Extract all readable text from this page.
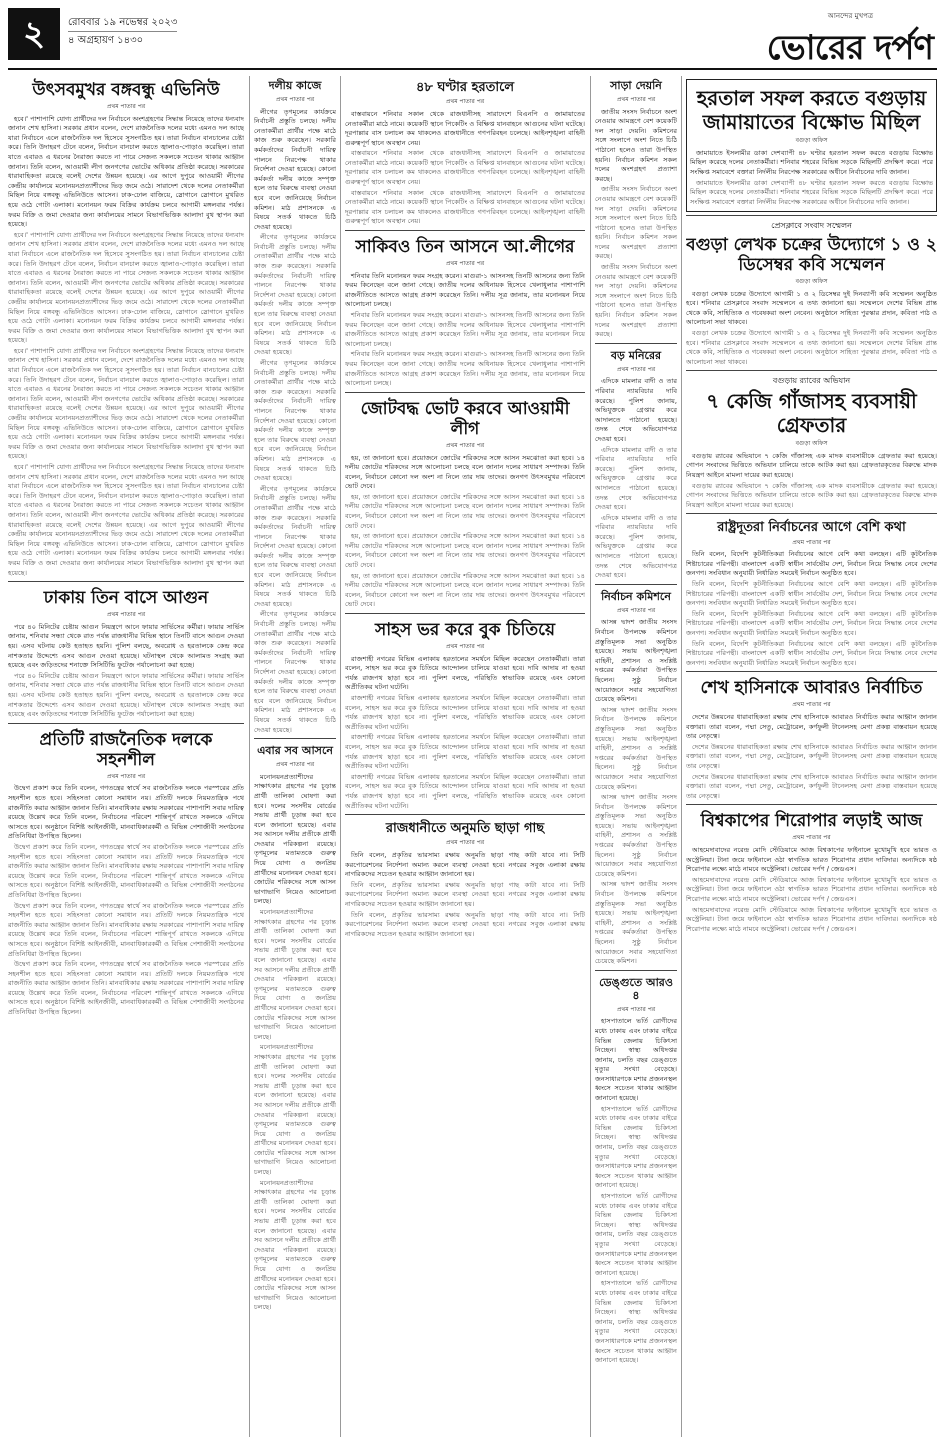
২	রোববার ১৯ নভেম্বর ২০২৩
৪ অগ্রহায়ণ ১৪৩০
আনন্দের মুখপত্র
ভোরের দর্পণ
উৎসবমুখর বঙ্গবন্ধু এভিনিউ
প্রথম পাতার পর

হবে।' পাশাপাশি যোগ্য প্রার্থীদের দল নির্বাচনে অংশগ্রহণের সিদ্ধান্ত নিয়েছে তাদের ধন্যবাদ জানান শেখ হাসিনা। সরকার প্রধান বলেন, দেশে রাজনৈতিক দলের মধ্যে এমনও দল আছে যারা নির্বাচনে এলে রাজনৈতিক দল হিসেবে সুসংগঠিত হয়। তারা নির্বাচন বানচালের চেষ্টা করে। তিনি উদাহরণ টেনে বলেন, নির্বাচন বানচাল করতে জ্বালাও-পোড়াও করেছিল। তারা যাতে এবারও এ ধরনের নৈরাজ্য করতে না পারে সেজন্য সকলকে সচেতন থাকার আহ্বান জানান। তিনি বলেন, আওয়ামী লীগ জনগণের ভোটের অধিকার প্রতিষ্ঠা করেছে। সরকারের ধারাবাহিকতা রয়েছে বলেই দেশের উন্নয়ন হয়েছে। এর আগে দুপুরে আওয়ামী লীগের কেন্দ্রীয় কার্যালয়ে মনোনয়নপ্রত্যাশীদের ভিড় জমে ওঠে। সারাদেশ থেকে দলের নেতাকর্মীরা মিছিল নিয়ে বঙ্গবন্ধু এভিনিউতে আসেন। ঢাক-ঢোল বাজিয়ে, স্লোগানে স্লোগানে মুখরিত হয়ে ওঠে গোটা এলাকা। মনোনয়ন ফরম বিক্রির কার্যক্রম চলবে আগামী মঙ্গলবার পর্যন্ত। ফরম বিক্রি ও জমা দেওয়ার জন্য কার্যালয়ের সামনে বিভাগভিত্তিক আলাদা বুথ স্থাপন করা হয়েছে।

হবে।' পাশাপাশি যোগ্য প্রার্থীদের দল নির্বাচনে অংশগ্রহণের সিদ্ধান্ত নিয়েছে তাদের ধন্যবাদ জানান শেখ হাসিনা। সরকার প্রধান বলেন, দেশে রাজনৈতিক দলের মধ্যে এমনও দল আছে যারা নির্বাচনে এলে রাজনৈতিক দল হিসেবে সুসংগঠিত হয়। তারা নির্বাচন বানচালের চেষ্টা করে। তিনি উদাহরণ টেনে বলেন, নির্বাচন বানচাল করতে জ্বালাও-পোড়াও করেছিল। তারা যাতে এবারও এ ধরনের নৈরাজ্য করতে না পারে সেজন্য সকলকে সচেতন থাকার আহ্বান জানান। তিনি বলেন, আওয়ামী লীগ জনগণের ভোটের অধিকার প্রতিষ্ঠা করেছে। সরকারের ধারাবাহিকতা রয়েছে বলেই দেশের উন্নয়ন হয়েছে। এর আগে দুপুরে আওয়ামী লীগের কেন্দ্রীয় কার্যালয়ে মনোনয়নপ্রত্যাশীদের ভিড় জমে ওঠে। সারাদেশ থেকে দলের নেতাকর্মীরা মিছিল নিয়ে বঙ্গবন্ধু এভিনিউতে আসেন। ঢাক-ঢোল বাজিয়ে, স্লোগানে স্লোগানে মুখরিত হয়ে ওঠে গোটা এলাকা। মনোনয়ন ফরম বিক্রির কার্যক্রম চলবে আগামী মঙ্গলবার পর্যন্ত। ফরম বিক্রি ও জমা দেওয়ার জন্য কার্যালয়ের সামনে বিভাগভিত্তিক আলাদা বুথ স্থাপন করা হয়েছে।

হবে।' পাশাপাশি যোগ্য প্রার্থীদের দল নির্বাচনে অংশগ্রহণের সিদ্ধান্ত নিয়েছে তাদের ধন্যবাদ জানান শেখ হাসিনা। সরকার প্রধান বলেন, দেশে রাজনৈতিক দলের মধ্যে এমনও দল আছে যারা নির্বাচনে এলে রাজনৈতিক দল হিসেবে সুসংগঠিত হয়। তারা নির্বাচন বানচালের চেষ্টা করে। তিনি উদাহরণ টেনে বলেন, নির্বাচন বানচাল করতে জ্বালাও-পোড়াও করেছিল। তারা যাতে এবারও এ ধরনের নৈরাজ্য করতে না পারে সেজন্য সকলকে সচেতন থাকার আহ্বান জানান। তিনি বলেন, আওয়ামী লীগ জনগণের ভোটের অধিকার প্রতিষ্ঠা করেছে। সরকারের ধারাবাহিকতা রয়েছে বলেই দেশের উন্নয়ন হয়েছে। এর আগে দুপুরে আওয়ামী লীগের কেন্দ্রীয় কার্যালয়ে মনোনয়নপ্রত্যাশীদের ভিড় জমে ওঠে। সারাদেশ থেকে দলের নেতাকর্মীরা মিছিল নিয়ে বঙ্গবন্ধু এভিনিউতে আসেন। ঢাক-ঢোল বাজিয়ে, স্লোগানে স্লোগানে মুখরিত হয়ে ওঠে গোটা এলাকা। মনোনয়ন ফরম বিক্রির কার্যক্রম চলবে আগামী মঙ্গলবার পর্যন্ত। ফরম বিক্রি ও জমা দেওয়ার জন্য কার্যালয়ের সামনে বিভাগভিত্তিক আলাদা বুথ স্থাপন করা হয়েছে।

হবে।' পাশাপাশি যোগ্য প্রার্থীদের দল নির্বাচনে অংশগ্রহণের সিদ্ধান্ত নিয়েছে তাদের ধন্যবাদ জানান শেখ হাসিনা। সরকার প্রধান বলেন, দেশে রাজনৈতিক দলের মধ্যে এমনও দল আছে যারা নির্বাচনে এলে রাজনৈতিক দল হিসেবে সুসংগঠিত হয়। তারা নির্বাচন বানচালের চেষ্টা করে। তিনি উদাহরণ টেনে বলেন, নির্বাচন বানচাল করতে জ্বালাও-পোড়াও করেছিল। তারা যাতে এবারও এ ধরনের নৈরাজ্য করতে না পারে সেজন্য সকলকে সচেতন থাকার আহ্বান জানান। তিনি বলেন, আওয়ামী লীগ জনগণের ভোটের অধিকার প্রতিষ্ঠা করেছে। সরকারের ধারাবাহিকতা রয়েছে বলেই দেশের উন্নয়ন হয়েছে। এর আগে দুপুরে আওয়ামী লীগের কেন্দ্রীয় কার্যালয়ে মনোনয়নপ্রত্যাশীদের ভিড় জমে ওঠে। সারাদেশ থেকে দলের নেতাকর্মীরা মিছিল নিয়ে বঙ্গবন্ধু এভিনিউতে আসেন। ঢাক-ঢোল বাজিয়ে, স্লোগানে স্লোগানে মুখরিত হয়ে ওঠে গোটা এলাকা। মনোনয়ন ফরম বিক্রির কার্যক্রম চলবে আগামী মঙ্গলবার পর্যন্ত। ফরম বিক্রি ও জমা দেওয়ার জন্য কার্যালয়ের সামনে বিভাগভিত্তিক আলাদা বুথ স্থাপন করা হয়েছে।

ঢাকায় তিন বাসে আগুন
প্রথম পাতার পর

পরে ৪০ মিনিটের চেষ্টায় আগুন নিয়ন্ত্রণে আনে ফায়ার সার্ভিসের কর্মীরা। ফায়ার সার্ভিস জানায়, শনিবার সন্ধ্যা থেকে রাত পর্যন্ত রাজধানীর বিভিন্ন স্থানে তিনটি বাসে আগুন দেওয়া হয়। এসব ঘটনায় কেউ হতাহত হয়নি। পুলিশ বলছে, অবরোধ ও হরতালকে কেন্দ্র করে নাশকতার উদ্দেশ্যে এসব আগুন দেওয়া হয়েছে। ঘটনাস্থল থেকে আলামত সংগ্রহ করা হয়েছে এবং জড়িতদের শনাক্তে সিসিটিভি ফুটেজ পর্যালোচনা করা হচ্ছে।

পরে ৪০ মিনিটের চেষ্টায় আগুন নিয়ন্ত্রণে আনে ফায়ার সার্ভিসের কর্মীরা। ফায়ার সার্ভিস জানায়, শনিবার সন্ধ্যা থেকে রাত পর্যন্ত রাজধানীর বিভিন্ন স্থানে তিনটি বাসে আগুন দেওয়া হয়। এসব ঘটনায় কেউ হতাহত হয়নি। পুলিশ বলছে, অবরোধ ও হরতালকে কেন্দ্র করে নাশকতার উদ্দেশ্যে এসব আগুন দেওয়া হয়েছে। ঘটনাস্থল থেকে আলামত সংগ্রহ করা হয়েছে এবং জড়িতদের শনাক্তে সিসিটিভি ফুটেজ পর্যালোচনা করা হচ্ছে।

প্রতিটি রাজনৈতিক দলকে সহনশীল
প্রথম পাতার পর

উদ্বেগ প্রকাশ করে তিনি বলেন, গণতন্ত্রের স্বার্থে সব রাজনৈতিক দলকে পরস্পরের প্রতি সহনশীল হতে হবে। সহিংসতা কোনো সমাধান নয়। প্রতিটি দলকে নিয়মতান্ত্রিক পথে রাজনীতি করার আহ্বান জানান তিনি। মানবাধিকার রক্ষায় সরকারের পাশাপাশি সবার দায়িত্ব রয়েছে উল্লেখ করে তিনি বলেন, নির্বাচনের পরিবেশ শান্তিপূর্ণ রাখতে সকলকে এগিয়ে আসতে হবে। অনুষ্ঠানে বিশিষ্ট আইনজীবী, মানবাধিকারকর্মী ও বিভিন্ন পেশাজীবী সংগঠনের প্রতিনিধিরা উপস্থিত ছিলেন।

উদ্বেগ প্রকাশ করে তিনি বলেন, গণতন্ত্রের স্বার্থে সব রাজনৈতিক দলকে পরস্পরের প্রতি সহনশীল হতে হবে। সহিংসতা কোনো সমাধান নয়। প্রতিটি দলকে নিয়মতান্ত্রিক পথে রাজনীতি করার আহ্বান জানান তিনি। মানবাধিকার রক্ষায় সরকারের পাশাপাশি সবার দায়িত্ব রয়েছে উল্লেখ করে তিনি বলেন, নির্বাচনের পরিবেশ শান্তিপূর্ণ রাখতে সকলকে এগিয়ে আসতে হবে। অনুষ্ঠানে বিশিষ্ট আইনজীবী, মানবাধিকারকর্মী ও বিভিন্ন পেশাজীবী সংগঠনের প্রতিনিধিরা উপস্থিত ছিলেন।

উদ্বেগ প্রকাশ করে তিনি বলেন, গণতন্ত্রের স্বার্থে সব রাজনৈতিক দলকে পরস্পরের প্রতি সহনশীল হতে হবে। সহিংসতা কোনো সমাধান নয়। প্রতিটি দলকে নিয়মতান্ত্রিক পথে রাজনীতি করার আহ্বান জানান তিনি। মানবাধিকার রক্ষায় সরকারের পাশাপাশি সবার দায়িত্ব রয়েছে উল্লেখ করে তিনি বলেন, নির্বাচনের পরিবেশ শান্তিপূর্ণ রাখতে সকলকে এগিয়ে আসতে হবে। অনুষ্ঠানে বিশিষ্ট আইনজীবী, মানবাধিকারকর্মী ও বিভিন্ন পেশাজীবী সংগঠনের প্রতিনিধিরা উপস্থিত ছিলেন।

উদ্বেগ প্রকাশ করে তিনি বলেন, গণতন্ত্রের স্বার্থে সব রাজনৈতিক দলকে পরস্পরের প্রতি সহনশীল হতে হবে। সহিংসতা কোনো সমাধান নয়। প্রতিটি দলকে নিয়মতান্ত্রিক পথে রাজনীতি করার আহ্বান জানান তিনি। মানবাধিকার রক্ষায় সরকারের পাশাপাশি সবার দায়িত্ব রয়েছে উল্লেখ করে তিনি বলেন, নির্বাচনের পরিবেশ শান্তিপূর্ণ রাখতে সকলকে এগিয়ে আসতে হবে। অনুষ্ঠানে বিশিষ্ট আইনজীবী, মানবাধিকারকর্মী ও বিভিন্ন পেশাজীবী সংগঠনের প্রতিনিধিরা উপস্থিত ছিলেন।

দলীয় কাজে
প্রথম পাতার পর

লীগের তৃণমূলের কার্যক্রমে নির্বাচনী প্রস্তুতি চলছে। দলীয় নেতাকর্মীরা প্রার্থীর পক্ষে মাঠে কাজ শুরু করেছেন। সরকারি কর্মকর্তাদের নির্বাচনী দায়িত্ব পালনে নিরপেক্ষ থাকার নির্দেশনা দেওয়া হয়েছে। কোনো কর্মকর্তা দলীয় কাজে সম্পৃক্ত হলে তার বিরুদ্ধে ব্যবস্থা নেওয়া হবে বলে জানিয়েছে নির্বাচন কমিশন। মাঠ প্রশাসনকে এ বিষয়ে সতর্ক থাকতে চিঠি দেওয়া হয়েছে।

লীগের তৃণমূলের কার্যক্রমে নির্বাচনী প্রস্তুতি চলছে। দলীয় নেতাকর্মীরা প্রার্থীর পক্ষে মাঠে কাজ শুরু করেছেন। সরকারি কর্মকর্তাদের নির্বাচনী দায়িত্ব পালনে নিরপেক্ষ থাকার নির্দেশনা দেওয়া হয়েছে। কোনো কর্মকর্তা দলীয় কাজে সম্পৃক্ত হলে তার বিরুদ্ধে ব্যবস্থা নেওয়া হবে বলে জানিয়েছে নির্বাচন কমিশন। মাঠ প্রশাসনকে এ বিষয়ে সতর্ক থাকতে চিঠি দেওয়া হয়েছে।

লীগের তৃণমূলের কার্যক্রমে নির্বাচনী প্রস্তুতি চলছে। দলীয় নেতাকর্মীরা প্রার্থীর পক্ষে মাঠে কাজ শুরু করেছেন। সরকারি কর্মকর্তাদের নির্বাচনী দায়িত্ব পালনে নিরপেক্ষ থাকার নির্দেশনা দেওয়া হয়েছে। কোনো কর্মকর্তা দলীয় কাজে সম্পৃক্ত হলে তার বিরুদ্ধে ব্যবস্থা নেওয়া হবে বলে জানিয়েছে নির্বাচন কমিশন। মাঠ প্রশাসনকে এ বিষয়ে সতর্ক থাকতে চিঠি দেওয়া হয়েছে।

লীগের তৃণমূলের কার্যক্রমে নির্বাচনী প্রস্তুতি চলছে। দলীয় নেতাকর্মীরা প্রার্থীর পক্ষে মাঠে কাজ শুরু করেছেন। সরকারি কর্মকর্তাদের নির্বাচনী দায়িত্ব পালনে নিরপেক্ষ থাকার নির্দেশনা দেওয়া হয়েছে। কোনো কর্মকর্তা দলীয় কাজে সম্পৃক্ত হলে তার বিরুদ্ধে ব্যবস্থা নেওয়া হবে বলে জানিয়েছে নির্বাচন কমিশন। মাঠ প্রশাসনকে এ বিষয়ে সতর্ক থাকতে চিঠি দেওয়া হয়েছে।

লীগের তৃণমূলের কার্যক্রমে নির্বাচনী প্রস্তুতি চলছে। দলীয় নেতাকর্মীরা প্রার্থীর পক্ষে মাঠে কাজ শুরু করেছেন। সরকারি কর্মকর্তাদের নির্বাচনী দায়িত্ব পালনে নিরপেক্ষ থাকার নির্দেশনা দেওয়া হয়েছে। কোনো কর্মকর্তা দলীয় কাজে সম্পৃক্ত হলে তার বিরুদ্ধে ব্যবস্থা নেওয়া হবে বলে জানিয়েছে নির্বাচন কমিশন। মাঠ প্রশাসনকে এ বিষয়ে সতর্ক থাকতে চিঠি দেওয়া হয়েছে।

এবার সব আসনে
প্রথম পাতার পর

মনোনয়নপ্রত্যাশীদের সাক্ষাৎকার গ্রহণের পর চূড়ান্ত প্রার্থী তালিকা ঘোষণা করা হবে। দলের সংসদীয় বোর্ডের সভায় প্রার্থী চূড়ান্ত করা হবে বলে জানানো হয়েছে। এবার সব আসনে দলীয় প্রতীকে প্রার্থী দেওয়ার পরিকল্পনা রয়েছে। তৃণমূলের মতামতকে গুরুত্ব দিয়ে যোগ্য ও জনপ্রিয় প্রার্থীদের মনোনয়ন দেওয়া হবে। জোটের শরিকদের সঙ্গে আসন ভাগাভাগি নিয়েও আলোচনা চলছে।

মনোনয়নপ্রত্যাশীদের সাক্ষাৎকার গ্রহণের পর চূড়ান্ত প্রার্থী তালিকা ঘোষণা করা হবে। দলের সংসদীয় বোর্ডের সভায় প্রার্থী চূড়ান্ত করা হবে বলে জানানো হয়েছে। এবার সব আসনে দলীয় প্রতীকে প্রার্থী দেওয়ার পরিকল্পনা রয়েছে। তৃণমূলের মতামতকে গুরুত্ব দিয়ে যোগ্য ও জনপ্রিয় প্রার্থীদের মনোনয়ন দেওয়া হবে। জোটের শরিকদের সঙ্গে আসন ভাগাভাগি নিয়েও আলোচনা চলছে।

মনোনয়নপ্রত্যাশীদের সাক্ষাৎকার গ্রহণের পর চূড়ান্ত প্রার্থী তালিকা ঘোষণা করা হবে। দলের সংসদীয় বোর্ডের সভায় প্রার্থী চূড়ান্ত করা হবে বলে জানানো হয়েছে। এবার সব আসনে দলীয় প্রতীকে প্রার্থী দেওয়ার পরিকল্পনা রয়েছে। তৃণমূলের মতামতকে গুরুত্ব দিয়ে যোগ্য ও জনপ্রিয় প্রার্থীদের মনোনয়ন দেওয়া হবে। জোটের শরিকদের সঙ্গে আসন ভাগাভাগি নিয়েও আলোচনা চলছে।

মনোনয়নপ্রত্যাশীদের সাক্ষাৎকার গ্রহণের পর চূড়ান্ত প্রার্থী তালিকা ঘোষণা করা হবে। দলের সংসদীয় বোর্ডের সভায় প্রার্থী চূড়ান্ত করা হবে বলে জানানো হয়েছে। এবার সব আসনে দলীয় প্রতীকে প্রার্থী দেওয়ার পরিকল্পনা রয়েছে। তৃণমূলের মতামতকে গুরুত্ব দিয়ে যোগ্য ও জনপ্রিয় প্রার্থীদের মনোনয়ন দেওয়া হবে। জোটের শরিকদের সঙ্গে আসন ভাগাভাগি নিয়েও আলোচনা চলছে।

৪৮ ঘণ্টার হরতালে
প্রথম পাতার পর

বাস্তবায়নে শনিবার সকাল থেকে রাজধানীসহ সারাদেশে বিএনপি ও জামায়াতের নেতাকর্মীরা মাঠে নামে। কয়েকটি স্থানে পিকেটিং ও বিক্ষিপ্ত যানবাহনে আগুনের ঘটনা ঘটেছে। দূরপাল্লার বাস চলাচল কম থাকলেও রাজধানীতে গণপরিবহন চলেছে। আইনশৃঙ্খলা বাহিনী গুরুত্বপূর্ণ স্থানে অবস্থান নেয়।

বাস্তবায়নে শনিবার সকাল থেকে রাজধানীসহ সারাদেশে বিএনপি ও জামায়াতের নেতাকর্মীরা মাঠে নামে। কয়েকটি স্থানে পিকেটিং ও বিক্ষিপ্ত যানবাহনে আগুনের ঘটনা ঘটেছে। দূরপাল্লার বাস চলাচল কম থাকলেও রাজধানীতে গণপরিবহন চলেছে। আইনশৃঙ্খলা বাহিনী গুরুত্বপূর্ণ স্থানে অবস্থান নেয়।

বাস্তবায়নে শনিবার সকাল থেকে রাজধানীসহ সারাদেশে বিএনপি ও জামায়াতের নেতাকর্মীরা মাঠে নামে। কয়েকটি স্থানে পিকেটিং ও বিক্ষিপ্ত যানবাহনে আগুনের ঘটনা ঘটেছে। দূরপাল্লার বাস চলাচল কম থাকলেও রাজধানীতে গণপরিবহন চলেছে। আইনশৃঙ্খলা বাহিনী গুরুত্বপূর্ণ স্থানে অবস্থান নেয়।

সাকিবও তিন আসনে আ.লীগের
প্রথম পাতার পর

শনিবার তিনি মনোনয়ন ফরম সংগ্রহ করেন। মাগুরা-১ আসনসহ তিনটি আসনের জন্য তিনি ফরম কিনেছেন বলে জানা গেছে। জাতীয় দলের অধিনায়ক হিসেবে খেলাধুলার পাশাপাশি রাজনীতিতে আসতে আগ্রহ প্রকাশ করেছেন তিনি। দলীয় সূত্র জানায়, তার মনোনয়ন নিয়ে আলোচনা চলছে।

শনিবার তিনি মনোনয়ন ফরম সংগ্রহ করেন। মাগুরা-১ আসনসহ তিনটি আসনের জন্য তিনি ফরম কিনেছেন বলে জানা গেছে। জাতীয় দলের অধিনায়ক হিসেবে খেলাধুলার পাশাপাশি রাজনীতিতে আসতে আগ্রহ প্রকাশ করেছেন তিনি। দলীয় সূত্র জানায়, তার মনোনয়ন নিয়ে আলোচনা চলছে।

শনিবার তিনি মনোনয়ন ফরম সংগ্রহ করেন। মাগুরা-১ আসনসহ তিনটি আসনের জন্য তিনি ফরম কিনেছেন বলে জানা গেছে। জাতীয় দলের অধিনায়ক হিসেবে খেলাধুলার পাশাপাশি রাজনীতিতে আসতে আগ্রহ প্রকাশ করেছেন তিনি। দলীয় সূত্র জানায়, তার মনোনয়ন নিয়ে আলোচনা চলছে।

জোটবদ্ধ ভোট করবে আওয়ামী লীগ
প্রথম পাতার পর

হয়, তা জানানো হবে। প্রয়োজনে জোটের শরিকদের সঙ্গে আসন সমঝোতা করা হবে। ১৪ দলীয় জোটের শরিকদের সঙ্গে আলোচনা চলছে বলে জানান দলের সাধারণ সম্পাদক। তিনি বলেন, নির্বাচনে কোনো দল অংশ না নিলে তার দায় তাদের। জনগণ উৎসবমুখর পরিবেশে ভোট দেবে।

হয়, তা জানানো হবে। প্রয়োজনে জোটের শরিকদের সঙ্গে আসন সমঝোতা করা হবে। ১৪ দলীয় জোটের শরিকদের সঙ্গে আলোচনা চলছে বলে জানান দলের সাধারণ সম্পাদক। তিনি বলেন, নির্বাচনে কোনো দল অংশ না নিলে তার দায় তাদের। জনগণ উৎসবমুখর পরিবেশে ভোট দেবে।

হয়, তা জানানো হবে। প্রয়োজনে জোটের শরিকদের সঙ্গে আসন সমঝোতা করা হবে। ১৪ দলীয় জোটের শরিকদের সঙ্গে আলোচনা চলছে বলে জানান দলের সাধারণ সম্পাদক। তিনি বলেন, নির্বাচনে কোনো দল অংশ না নিলে তার দায় তাদের। জনগণ উৎসবমুখর পরিবেশে ভোট দেবে।

হয়, তা জানানো হবে। প্রয়োজনে জোটের শরিকদের সঙ্গে আসন সমঝোতা করা হবে। ১৪ দলীয় জোটের শরিকদের সঙ্গে আলোচনা চলছে বলে জানান দলের সাধারণ সম্পাদক। তিনি বলেন, নির্বাচনে কোনো দল অংশ না নিলে তার দায় তাদের। জনগণ উৎসবমুখর পরিবেশে ভোট দেবে।

সাহস ভর করে বুক চিতিয়ে
প্রথম পাতার পর

রাজশাহী নগরের বিভিন্ন এলাকায় হরতালের সমর্থনে মিছিল করেছেন নেতাকর্মীরা। তারা বলেন, সাহস ভর করে বুক চিতিয়ে আন্দোলন চালিয়ে যাওয়া হবে। দাবি আদায় না হওয়া পর্যন্ত রাজপথ ছাড়া হবে না। পুলিশ বলছে, পরিস্থিতি স্বাভাবিক রয়েছে এবং কোনো অপ্রীতিকর ঘটনা ঘটেনি।

রাজশাহী নগরের বিভিন্ন এলাকায় হরতালের সমর্থনে মিছিল করেছেন নেতাকর্মীরা। তারা বলেন, সাহস ভর করে বুক চিতিয়ে আন্দোলন চালিয়ে যাওয়া হবে। দাবি আদায় না হওয়া পর্যন্ত রাজপথ ছাড়া হবে না। পুলিশ বলছে, পরিস্থিতি স্বাভাবিক রয়েছে এবং কোনো অপ্রীতিকর ঘটনা ঘটেনি।

রাজশাহী নগরের বিভিন্ন এলাকায় হরতালের সমর্থনে মিছিল করেছেন নেতাকর্মীরা। তারা বলেন, সাহস ভর করে বুক চিতিয়ে আন্দোলন চালিয়ে যাওয়া হবে। দাবি আদায় না হওয়া পর্যন্ত রাজপথ ছাড়া হবে না। পুলিশ বলছে, পরিস্থিতি স্বাভাবিক রয়েছে এবং কোনো অপ্রীতিকর ঘটনা ঘটেনি।

রাজশাহী নগরের বিভিন্ন এলাকায় হরতালের সমর্থনে মিছিল করেছেন নেতাকর্মীরা। তারা বলেন, সাহস ভর করে বুক চিতিয়ে আন্দোলন চালিয়ে যাওয়া হবে। দাবি আদায় না হওয়া পর্যন্ত রাজপথ ছাড়া হবে না। পুলিশ বলছে, পরিস্থিতি স্বাভাবিক রয়েছে এবং কোনো অপ্রীতিকর ঘটনা ঘটেনি।

রাজধানীতে অনুমতি ছাড়া গাছ
প্রথম পাতার পর

তিনি বলেন, প্রকৃতির ভারসাম্য রক্ষায় অনুমতি ছাড়া গাছ কাটা যাবে না। সিটি করপোরেশনের নির্দেশনা অমান্য করলে ব্যবস্থা নেওয়া হবে। নগরের সবুজ এলাকা রক্ষায় নাগরিকদের সচেতন হওয়ার আহ্বান জানানো হয়।

তিনি বলেন, প্রকৃতির ভারসাম্য রক্ষায় অনুমতি ছাড়া গাছ কাটা যাবে না। সিটি করপোরেশনের নির্দেশনা অমান্য করলে ব্যবস্থা নেওয়া হবে। নগরের সবুজ এলাকা রক্ষায় নাগরিকদের সচেতন হওয়ার আহ্বান জানানো হয়।

তিনি বলেন, প্রকৃতির ভারসাম্য রক্ষায় অনুমতি ছাড়া গাছ কাটা যাবে না। সিটি করপোরেশনের নির্দেশনা অমান্য করলে ব্যবস্থা নেওয়া হবে। নগরের সবুজ এলাকা রক্ষায় নাগরিকদের সচেতন হওয়ার আহ্বান জানানো হয়।

সাড়া দেয়নি
প্রথম পাতার পর

জাতীয় সংসদ নির্বাচনে অংশ নেওয়ার আমন্ত্রণে বেশ কয়েকটি দল সাড়া দেয়নি। কমিশনের সঙ্গে সংলাপে অংশ নিতে চিঠি পাঠানো হলেও তারা উপস্থিত হয়নি। নির্বাচন কমিশন সকল দলের অংশগ্রহণ প্রত্যাশা করছে।

জাতীয় সংসদ নির্বাচনে অংশ নেওয়ার আমন্ত্রণে বেশ কয়েকটি দল সাড়া দেয়নি। কমিশনের সঙ্গে সংলাপে অংশ নিতে চিঠি পাঠানো হলেও তারা উপস্থিত হয়নি। নির্বাচন কমিশন সকল দলের অংশগ্রহণ প্রত্যাশা করছে।

জাতীয় সংসদ নির্বাচনে অংশ নেওয়ার আমন্ত্রণে বেশ কয়েকটি দল সাড়া দেয়নি। কমিশনের সঙ্গে সংলাপে অংশ নিতে চিঠি পাঠানো হলেও তারা উপস্থিত হয়নি। নির্বাচন কমিশন সকল দলের অংশগ্রহণ প্রত্যাশা করছে।

বড় মনিরের
প্রথম পাতার পর

এদিকে মামলার বাদী ও তার পরিবার ন্যায়বিচার দাবি করেছে। পুলিশ জানায়, অভিযুক্তকে গ্রেপ্তার করে আদালতে পাঠানো হয়েছে। তদন্ত শেষে অভিযোগপত্র দেওয়া হবে।

এদিকে মামলার বাদী ও তার পরিবার ন্যায়বিচার দাবি করেছে। পুলিশ জানায়, অভিযুক্তকে গ্রেপ্তার করে আদালতে পাঠানো হয়েছে। তদন্ত শেষে অভিযোগপত্র দেওয়া হবে।

এদিকে মামলার বাদী ও তার পরিবার ন্যায়বিচার দাবি করেছে। পুলিশ জানায়, অভিযুক্তকে গ্রেপ্তার করে আদালতে পাঠানো হয়েছে। তদন্ত শেষে অভিযোগপত্র দেওয়া হবে।

নির্বাচন কমিশনে
প্রথম পাতার পর

আসন্ন দ্বাদশ জাতীয় সংসদ নির্বাচন উপলক্ষে কমিশনে প্রস্তুতিমূলক সভা অনুষ্ঠিত হয়েছে। সভায় আইনশৃঙ্খলা বাহিনী, প্রশাসন ও সংশ্লিষ্ট দপ্তরের কর্মকর্তারা উপস্থিত ছিলেন। সুষ্ঠু নির্বাচন আয়োজনে সবার সহযোগিতা চেয়েছে কমিশন।

আসন্ন দ্বাদশ জাতীয় সংসদ নির্বাচন উপলক্ষে কমিশনে প্রস্তুতিমূলক সভা অনুষ্ঠিত হয়েছে। সভায় আইনশৃঙ্খলা বাহিনী, প্রশাসন ও সংশ্লিষ্ট দপ্তরের কর্মকর্তারা উপস্থিত ছিলেন। সুষ্ঠু নির্বাচন আয়োজনে সবার সহযোগিতা চেয়েছে কমিশন।

আসন্ন দ্বাদশ জাতীয় সংসদ নির্বাচন উপলক্ষে কমিশনে প্রস্তুতিমূলক সভা অনুষ্ঠিত হয়েছে। সভায় আইনশৃঙ্খলা বাহিনী, প্রশাসন ও সংশ্লিষ্ট দপ্তরের কর্মকর্তারা উপস্থিত ছিলেন। সুষ্ঠু নির্বাচন আয়োজনে সবার সহযোগিতা চেয়েছে কমিশন।

আসন্ন দ্বাদশ জাতীয় সংসদ নির্বাচন উপলক্ষে কমিশনে প্রস্তুতিমূলক সভা অনুষ্ঠিত হয়েছে। সভায় আইনশৃঙ্খলা বাহিনী, প্রশাসন ও সংশ্লিষ্ট দপ্তরের কর্মকর্তারা উপস্থিত ছিলেন। সুষ্ঠু নির্বাচন আয়োজনে সবার সহযোগিতা চেয়েছে কমিশন।

ডেঙ্গুতে আরও ৪
প্রথম পাতার পর

হাসপাতালে ভর্তি রোগীদের মধ্যে ঢাকায় এবং ঢাকার বাইরে বিভিন্ন জেলায় চিকিৎসা নিচ্ছেন। স্বাস্থ্য অধিদপ্তর জানায়, চলতি বছর ডেঙ্গুতে মৃত্যুর সংখ্যা বেড়েছে। জনসাধারণকে মশার প্রজননস্থল ধ্বংসে সচেতন থাকার আহ্বান জানানো হয়েছে।

হাসপাতালে ভর্তি রোগীদের মধ্যে ঢাকায় এবং ঢাকার বাইরে বিভিন্ন জেলায় চিকিৎসা নিচ্ছেন। স্বাস্থ্য অধিদপ্তর জানায়, চলতি বছর ডেঙ্গুতে মৃত্যুর সংখ্যা বেড়েছে। জনসাধারণকে মশার প্রজননস্থল ধ্বংসে সচেতন থাকার আহ্বান জানানো হয়েছে।

হাসপাতালে ভর্তি রোগীদের মধ্যে ঢাকায় এবং ঢাকার বাইরে বিভিন্ন জেলায় চিকিৎসা নিচ্ছেন। স্বাস্থ্য অধিদপ্তর জানায়, চলতি বছর ডেঙ্গুতে মৃত্যুর সংখ্যা বেড়েছে। জনসাধারণকে মশার প্রজননস্থল ধ্বংসে সচেতন থাকার আহ্বান জানানো হয়েছে।

হাসপাতালে ভর্তি রোগীদের মধ্যে ঢাকায় এবং ঢাকার বাইরে বিভিন্ন জেলায় চিকিৎসা নিচ্ছেন। স্বাস্থ্য অধিদপ্তর জানায়, চলতি বছর ডেঙ্গুতে মৃত্যুর সংখ্যা বেড়েছে। জনসাধারণকে মশার প্রজননস্থল ধ্বংসে সচেতন থাকার আহ্বান জানানো হয়েছে।

হরতাল সফল করতে বগুড়ায় জামায়াতের বিক্ষোভ মিছিল
বগুড়া অফিস

জামায়াতে ইসলামীর ডাকা দেশব্যাপী ৪৮ ঘণ্টার হরতাল সফল করতে বগুড়ায় বিক্ষোভ মিছিল করেছে দলের নেতাকর্মীরা। শনিবার শহরের বিভিন্ন সড়কে মিছিলটি প্রদক্ষিণ করে। পরে সংক্ষিপ্ত সমাবেশে বক্তারা নির্দলীয় নিরপেক্ষ সরকারের অধীনে নির্বাচনের দাবি জানান।

জামায়াতে ইসলামীর ডাকা দেশব্যাপী ৪৮ ঘণ্টার হরতাল সফল করতে বগুড়ায় বিক্ষোভ মিছিল করেছে দলের নেতাকর্মীরা। শনিবার শহরের বিভিন্ন সড়কে মিছিলটি প্রদক্ষিণ করে। পরে সংক্ষিপ্ত সমাবেশে বক্তারা নির্দলীয় নিরপেক্ষ সরকারের অধীনে নির্বাচনের দাবি জানান।

প্রেসক্লাবে সংবাদ সম্মেলন
বগুড়া লেখক চক্রের উদ্যোগে ১ ও ২ ডিসেম্বর কবি সম্মেলন
বগুড়া অফিস

বগুড়া লেখক চক্রের উদ্যোগে আগামী ১ ও ২ ডিসেম্বর দুই দিনব্যাপী কবি সম্মেলন অনুষ্ঠিত হবে। শনিবার প্রেসক্লাবে সংবাদ সম্মেলনে এ তথ্য জানানো হয়। সম্মেলনে দেশের বিভিন্ন প্রান্ত থেকে কবি, সাহিত্যিক ও গবেষকরা অংশ নেবেন। অনুষ্ঠানে সাহিত্য পুরস্কার প্রদান, কবিতা পাঠ ও আলোচনা সভা থাকবে।

বগুড়া লেখক চক্রের উদ্যোগে আগামী ১ ও ২ ডিসেম্বর দুই দিনব্যাপী কবি সম্মেলন অনুষ্ঠিত হবে। শনিবার প্রেসক্লাবে সংবাদ সম্মেলনে এ তথ্য জানানো হয়। সম্মেলনে দেশের বিভিন্ন প্রান্ত থেকে কবি, সাহিত্যিক ও গবেষকরা অংশ নেবেন। অনুষ্ঠানে সাহিত্য পুরস্কার প্রদান, কবিতা পাঠ ও আলোচনা সভা থাকবে।

বগুড়ায় র‍্যাবের অভিযান
৭ কেজি গাঁজাসহ ব্যবসায়ী গ্রেফতার
বগুড়া অফিস

বগুড়ায় র‍্যাবের অভিযানে ৭ কেজি গাঁজাসহ এক মাদক ব্যবসায়ীকে গ্রেফতার করা হয়েছে। গোপন সংবাদের ভিত্তিতে অভিযান চালিয়ে তাকে আটক করা হয়। গ্রেফতারকৃতের বিরুদ্ধে মাদক নিয়ন্ত্রণ আইনে মামলা দায়ের করা হয়েছে।

বগুড়ায় র‍্যাবের অভিযানে ৭ কেজি গাঁজাসহ এক মাদক ব্যবসায়ীকে গ্রেফতার করা হয়েছে। গোপন সংবাদের ভিত্তিতে অভিযান চালিয়ে তাকে আটক করা হয়। গ্রেফতারকৃতের বিরুদ্ধে মাদক নিয়ন্ত্রণ আইনে মামলা দায়ের করা হয়েছে।

রাষ্ট্রদূতরা নির্বাচনের আগে বেশি কথা
প্রথম পাতার পর

তিনি বলেন, বিদেশি কূটনীতিকরা নির্বাচনের আগে বেশি কথা বলছেন। এটি কূটনৈতিক শিষ্টাচারের পরিপন্থী। বাংলাদেশ একটি স্বাধীন সার্বভৌম দেশ, নির্বাচন নিয়ে সিদ্ধান্ত নেবে দেশের জনগণ। সংবিধান অনুযায়ী নির্ধারিত সময়েই নির্বাচন অনুষ্ঠিত হবে।

তিনি বলেন, বিদেশি কূটনীতিকরা নির্বাচনের আগে বেশি কথা বলছেন। এটি কূটনৈতিক শিষ্টাচারের পরিপন্থী। বাংলাদেশ একটি স্বাধীন সার্বভৌম দেশ, নির্বাচন নিয়ে সিদ্ধান্ত নেবে দেশের জনগণ। সংবিধান অনুযায়ী নির্ধারিত সময়েই নির্বাচন অনুষ্ঠিত হবে।

তিনি বলেন, বিদেশি কূটনীতিকরা নির্বাচনের আগে বেশি কথা বলছেন। এটি কূটনৈতিক শিষ্টাচারের পরিপন্থী। বাংলাদেশ একটি স্বাধীন সার্বভৌম দেশ, নির্বাচন নিয়ে সিদ্ধান্ত নেবে দেশের জনগণ। সংবিধান অনুযায়ী নির্ধারিত সময়েই নির্বাচন অনুষ্ঠিত হবে।

তিনি বলেন, বিদেশি কূটনীতিকরা নির্বাচনের আগে বেশি কথা বলছেন। এটি কূটনৈতিক শিষ্টাচারের পরিপন্থী। বাংলাদেশ একটি স্বাধীন সার্বভৌম দেশ, নির্বাচন নিয়ে সিদ্ধান্ত নেবে দেশের জনগণ। সংবিধান অনুযায়ী নির্ধারিত সময়েই নির্বাচন অনুষ্ঠিত হবে।

শেখ হাসিনাকে আবারও নির্বাচিত
প্রথম পাতার পর

দেশের উন্নয়নের ধারাবাহিকতা রক্ষায় শেখ হাসিনাকে আবারও নির্বাচিত করার আহ্বান জানান বক্তারা। তারা বলেন, পদ্মা সেতু, মেট্রোরেল, কর্ণফুলী টানেলসহ মেগা প্রকল্প বাস্তবায়ন হয়েছে তার নেতৃত্বে।

দেশের উন্নয়নের ধারাবাহিকতা রক্ষায় শেখ হাসিনাকে আবারও নির্বাচিত করার আহ্বান জানান বক্তারা। তারা বলেন, পদ্মা সেতু, মেট্রোরেল, কর্ণফুলী টানেলসহ মেগা প্রকল্প বাস্তবায়ন হয়েছে তার নেতৃত্বে।

দেশের উন্নয়নের ধারাবাহিকতা রক্ষায় শেখ হাসিনাকে আবারও নির্বাচিত করার আহ্বান জানান বক্তারা। তারা বলেন, পদ্মা সেতু, মেট্রোরেল, কর্ণফুলী টানেলসহ মেগা প্রকল্প বাস্তবায়ন হয়েছে তার নেতৃত্বে।

বিশ্বকাপের শিরোপার লড়াই আজ
প্রথম পাতার পর

আহমেদাবাদের নরেন্দ্র মোদি স্টেডিয়ামে আজ বিশ্বকাপের ফাইনালে মুখোমুখি হবে ভারত ও অস্ট্রেলিয়া। টানা জয়ে ফাইনালে ওঠা স্বাগতিক ভারত শিরোপার প্রধান দাবিদার। অন্যদিকে ষষ্ঠ শিরোপার লক্ষ্যে মাঠে নামবে অস্ট্রেলিয়া। ভোরের দর্পণ / জেডএস।

আহমেদাবাদের নরেন্দ্র মোদি স্টেডিয়ামে আজ বিশ্বকাপের ফাইনালে মুখোমুখি হবে ভারত ও অস্ট্রেলিয়া। টানা জয়ে ফাইনালে ওঠা স্বাগতিক ভারত শিরোপার প্রধান দাবিদার। অন্যদিকে ষষ্ঠ শিরোপার লক্ষ্যে মাঠে নামবে অস্ট্রেলিয়া। ভোরের দর্পণ / জেডএস।

আহমেদাবাদের নরেন্দ্র মোদি স্টেডিয়ামে আজ বিশ্বকাপের ফাইনালে মুখোমুখি হবে ভারত ও অস্ট্রেলিয়া। টানা জয়ে ফাইনালে ওঠা স্বাগতিক ভারত শিরোপার প্রধান দাবিদার। অন্যদিকে ষষ্ঠ শিরোপার লক্ষ্যে মাঠে নামবে অস্ট্রেলিয়া। ভোরের দর্পণ / জেডএস।
